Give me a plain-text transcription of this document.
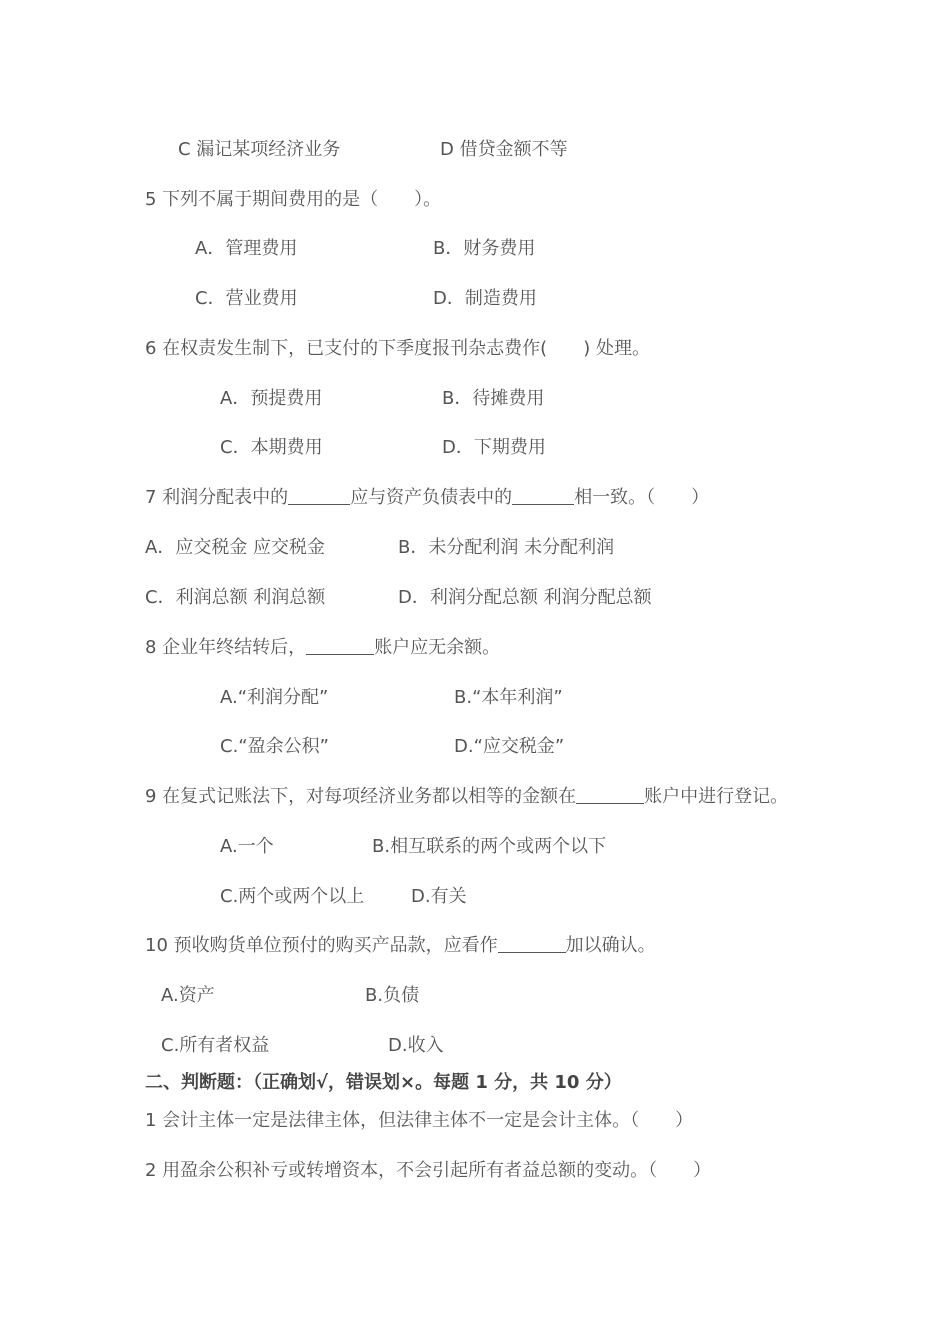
C 漏记某项经济业务	D 借贷金额不等
5 下列不属于期间费用的是（　　）。
A．管理费用	B．财务费用
C．营业费用	D．制造费用
6 在权责发生制下，已支付的下季度报刊杂志费作(　　) 处理。
A．预提费用	B．待摊费用
C．本期费用	D．下期费用
7 利润分配表中的	应与资产负债表中的	相一致。（　　）
A．应交税金 应交税金	B．未分配利润 未分配利润
C．利润总额 利润总额	D．利润分配总额 利润分配总额
8 企业年终结转后，	账户应无余额。
A.“利润分配”	B.“本年利润”
C.“盈余公积”	D.“应交税金”
9 在复式记账法下，对每项经济业务都以相等的金额在	账户中进行登记。
A.一个	B.相互联系的两个或两个以下
C.两个或两个以上	D.有关
10 预收购货单位预付的购买产品款，应看作	加以确认。
A.资产	B.负债
C.所有者权益	D.收入
二、判断题：（正确划√，错误划×。每题 1 分，共 10 分）
1 会计主体一定是法律主体，但法律主体不一定是会计主体。（　　）
2 用盈余公积补亏或转增资本，不会引起所有者益总额的变动。（　　）
